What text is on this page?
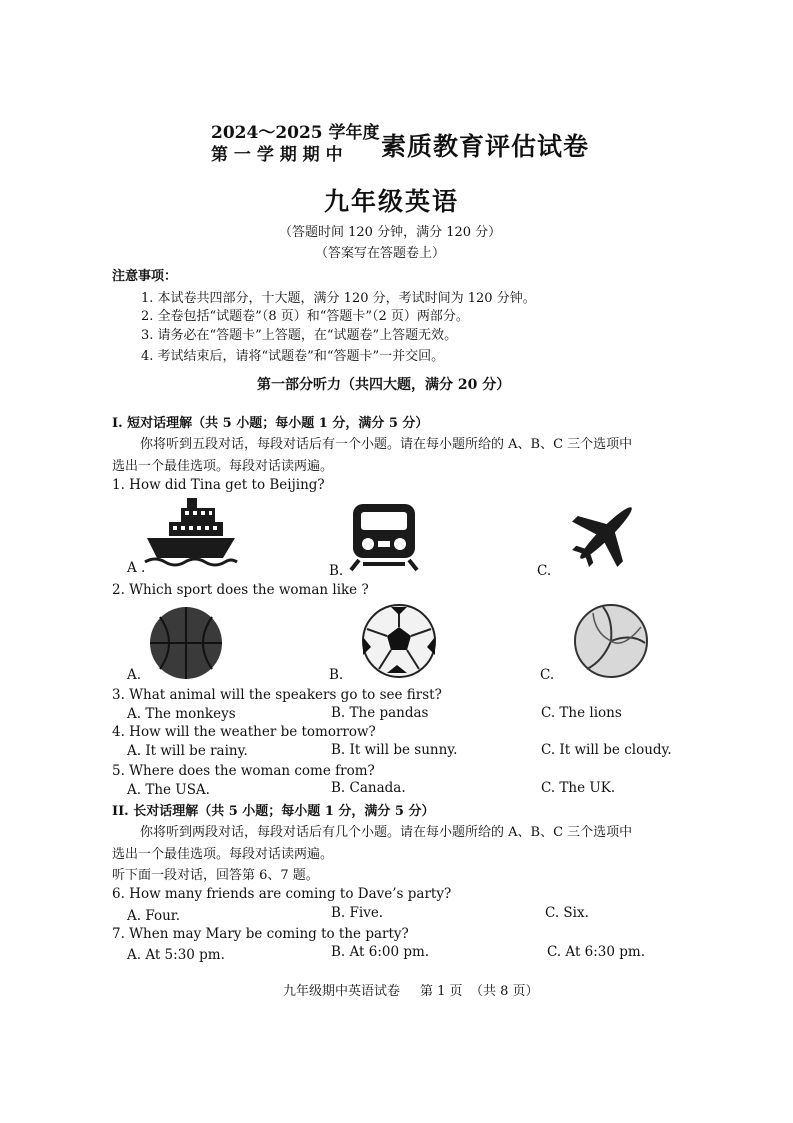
2024～2025 学年度
第 一 学 期 期 中 素质教育评估试卷
九年级英语
（答题时间 120 分钟，满分 120 分）
（答案写在答题卷上）
注意事项：
1. 本试卷共四部分，十大题，满分 120 分，考试时间为 120 分钟。
2. 全卷包括“试题卷”（8 页）和“答题卡”（2 页）两部分。
3. 请务必在“答题卡”上答题，在“试题卷”上答题无效。
4. 考试结束后，请将“试题卷”和“答题卡”一并交回。
第一部分听力（共四大题，满分 20 分）
I. 短对话理解（共 5 小题；每小题 1 分，满分 5 分）
你将听到五段对话，每段对话后有一个小题。请在每小题所给的 A、B、C 三个选项中
选出一个最佳选项。每段对话读两遍。
1. How did Tina get to Beijing?
A .	B.	C.
2. Which sport does the woman like ?
A.	B.	C.
3. What animal will the speakers go to see first?
A. The monkeys	B. The pandas	C. The lions
4. How will the weather be tomorrow?
A. It will be rainy.	B. It will be sunny.	C. It will be cloudy.
5. Where does the woman come from?
A. The USA.	B. Canada.	C. The UK.
II. 长对话理解（共 5 小题；每小题 1 分，满分 5 分）
你将听到两段对话，每段对话后有几个小题。请在每小题所给的 A、B、C 三个选项中
选出一个最佳选项。每段对话读两遍。
听下面一段对话，回答第 6、7 题。
6. How many friends are coming to Dave’s party?
A. Four.	B. Five.	C. Six.
7. When may Mary be coming to the party?
A. At 5:30 pm.	B. At 6:00 pm.	C. At 6:30 pm.
九年级期中英语试卷 第 1 页 （共 8 页）
